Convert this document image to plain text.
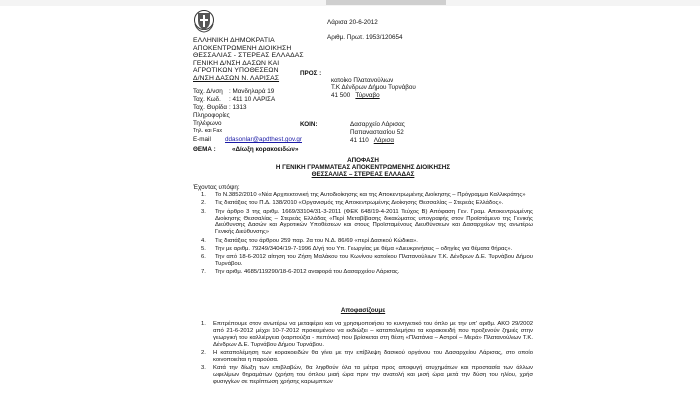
Λάρισα 20-6-2012
Αριθμ. Πρωτ. 1953/120654
ΕΛΛΗΝΙΚΗ ΔΗΜΟΚΡΑΤΙΑ
ΑΠΟΚΕΝΤΡΩΜΕΝΗ ΔΙΟΙΚΗΣΗ
ΘΕΣΣΑΛΙΑΣ - ΣΤΕΡΕΑΣ ΕΛΛΑΔΑΣ
ΓΕΝΙΚΗ Δ/ΝΣΗ ΔΑΣΩΝ ΚΑΙ
ΑΓΡΟΤΙΚΩΝ ΥΠΟΘΕΣΕΩΝ
Δ/ΝΣΗ ΔΑΣΩΝ Ν. ΛΑΡΙΣΑΣ
ΠΡΟΣ :
κατοίκο Πλατανούλιων
Τ.Κ Δένδρων Δήμου Τυρνάβου
41 500 Τύρναβο
Ταχ. Δ/νση : Μανδηλαρά 19
Ταχ. Κωδ. : 411 10 ΛΑΡΙΣΑ
Ταχ. Θυρίδα : 1313
Πληροφορίες
Τηλέφωνο
Τηλ. και Fax
E-mail ddasonlar@apdthest.gov.gr
ΚΟΙΝ:	Δασαρχείο Λάρισας
Παπαναστασίου 52
41 110 Λάρισα
ΘΕΜΑ :	«Δίωξη κορακοειδών»
ΑΠΟΦΑΣΗ
Η ΓΕΝΙΚΗ ΓΡΑΜΜΑΤΕΑΣ ΑΠΟΚΕΝΤΡΩΜΕΝΗΣ ΔΙΟΙΚΗΣΗΣ
ΘΕΣΣΑΛΙΑΣ – ΣΤΕΡΕΑΣ ΕΛΛΑΔΑΣ
Έχοντας υπόψη:
1.	Το Ν.3852/2010 «Νέα Αρχιτεκτονική της Αυτοδιοίκησης και της Αποκεντρωμένης Διοίκησης – Πρόγραμμα Καλλικράτης»
2.	Τις διατάξεις του Π.Δ. 138/2010 «Οργανισμός της Αποκεντρωμένης Διοίκησης Θεσσαλίας – Στερεάς Ελλάδος».
3.	Την άρθρο 3 της αριθμ. 1669/33104/31-3-2011 (ΦΕΚ 648/19-4-2011 Τεύχος Β) Απόφαση Γεν. Γραμ. Αποκεντρωμένης Διοίκησης Θεσσαλίας – Στερεάς Ελλάδας «Περί Μεταβίβασης δικαιώματος υπογραφής στον Προϊστάμενο της Γενικής Διεύθυνσης Δασών και Αγροτικών Υποθέσεων και στους Προϊσταμένους Διευθύνσεων και Δασαρχείων της ανωτέρω Γενικής Διεύθυνσης»
4.	Τις διατάξεις του άρθρου 259 παρ. 2α του Ν.Δ. 86/69 «περί Δασικού Κώδικα».
5.	Την με αριθμ. 79249/3404/19-7-1996 Δ/γή του Υπ. Γεωργίας με θέμα «Διευκρινήσεις – οδηγίες για θέματα θήρας».
6.	Την από 18-6-2012 αίτηση του Ζήση Μαλάκου του Κωνίνου κατοίκου Πλατανούλιων Τ.Κ. Δένδρων Δ.Ε. Τυρνάβου Δήμου Τυρνάβου.
7.	Την αριθμ. 4685/119290/18-6-2012 αναφορά του Δασαρχείου Λάρισας.
Αποφασίζουμε
1.	Επιτρέπουμε στον ανωτέρω να μεταφέρει και να χρησιμοποιήσει το κυνηγετικό του όπλο με την υπ' αριθμ. ΑΚΟ 29/2002 από 21-6-2012 μέχρι 10-7-2012 προκειμένου να εκδιώξει – καταπολεμήσει τα κορακοειδή που προξενούν ζημιές στην γεωργική του καλλιέργεια (καρπούζια - πεπόνια) που βρίσκεται στη θέση «Πλατάνια – Αστροί – Μερά» Πλατανούλιων Τ.Κ. Δένδρων Δ.Ε. Τυρνάβου Δήμου Τυρνάβου.
2.	Η καταπολέμηση των κορακοειδών θα γίνει με την επίβλεψη δασικού οργάνου του Δασαρχείου Λάρισας, στο οποίο κοινοποιείται η παρούσα.
3.	Κατά την δίωξη των επιβλαβών, θα ληφθούν όλα τα μέτρα προς αποφυγή ατυχημάτων και προστασία των άλλων ωφελίμων θηραμάτων (χρήση του όπλου μιαή ώρα πριν την ανατολή και μισή ώρα μετά την δύση του ηλίου, χρήσ φυσιγγίων σε περίπτωση χρήσης καρωμπτων
